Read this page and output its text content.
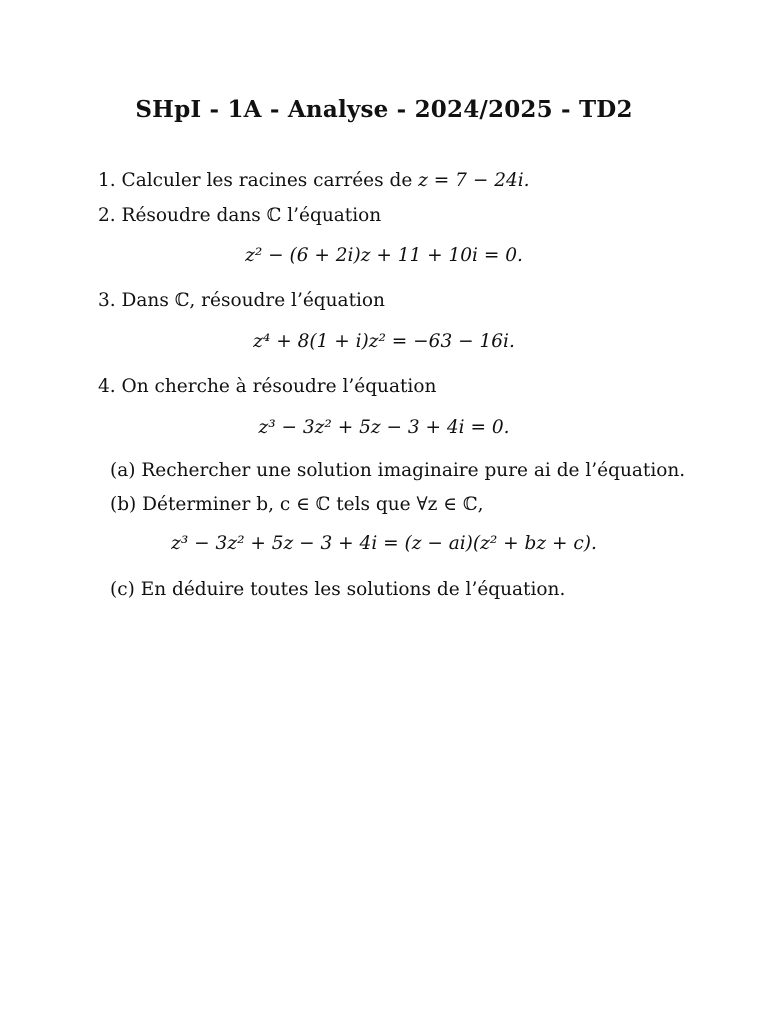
SHpI - 1A - Analyse - 2024/2025 - TD2
1. Calculer les racines carrées de z = 7 − 24i.
2. Résoudre dans ℂ l’équation
z² − (6 + 2i)z + 11 + 10i = 0.
3. Dans ℂ, résoudre l’équation
z⁴ + 8(1 + i)z² = −63 − 16i.
4. On cherche à résoudre l’équation
z³ − 3z² + 5z − 3 + 4i = 0.
(a) Rechercher une solution imaginaire pure ai de l’équation.
(b) Déterminer b, c ∈ ℂ tels que ∀z ∈ ℂ,
z³ − 3z² + 5z − 3 + 4i = (z − ai)(z² + bz + c).
(c) En déduire toutes les solutions de l’équation.
